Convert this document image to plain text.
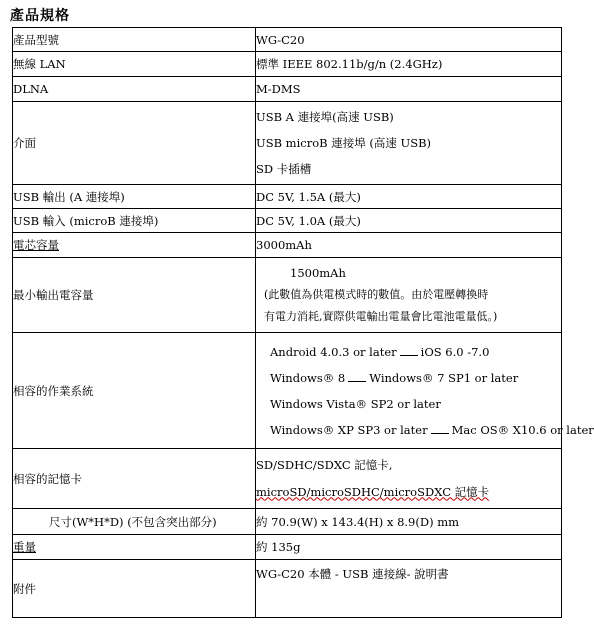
產品規格
產品型號	WG-C20

無線 LAN	標準 IEEE 802.11b/g/n (2.4GHz)

DLNA	M-DMS

介面	USB A 連接埠(高速 USB)
USB microB 連接埠 (高速 USB)
SD 卡插槽

USB 輸出 (A 連接埠)	DC 5V, 1.5A (最大)

USB 輸入 (microB 連接埠)	DC 5V, 1.0A (最大)

電芯容量	3000mAh

最小輸出電容量	1500mAh
(此數值為供電模式時的數值。由於電壓轉換時
有電力消耗,實際供電輸出電量會比電池電量低。)

相容的作業系統	Android 4.0.3 or later iOS 6.0 -7.0
Windows® 8 Windows® 7 SP1 or later
Windows Vista® SP2 or later
Windows® XP SP3 or later Mac OS® X10.6 or later

相容的記憶卡	SD/SDHC/SDXC 記憶卡,
microSD/microSDHC/microSDXC 記憶卡

尺寸(W*H*D) (不包含突出部分)	約 70.9(W) x 143.4(H) x 8.9(D) mm

重量	約 135g

附件	WG-C20 本體 - USB 連接線- 說明書
